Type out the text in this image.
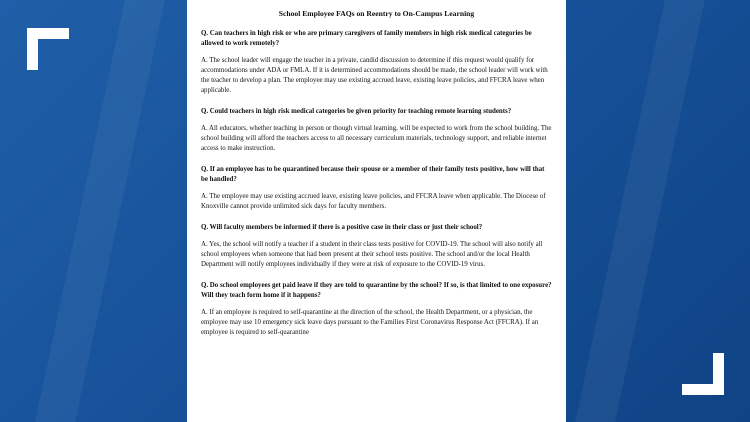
School Employee FAQs on Reentry to On-Campus Learning
Q. Can teachers in high risk or who are primary caregivers of family members in high risk medical categories be allowed to work remotely?
A. The school leader will engage the teacher in a private, candid discussion to determine if this request would qualify for accommodations under ADA or FMLA. If it is determined accommodations should be made, the school leader will work with the teacher to develop a plan. The employee may use existing accrued leave, existing leave policies, and FFCRA leave when applicable.
Q. Could teachers in high risk medical categories be given priority for teaching remote learning students?
A. All educators, whether teaching in person or though virtual learning, will be expected to work from the school building. The school building will afford the teachers access to all necessary curriculum materials, technology support, and reliable internet access to make instruction.
Q. If an employee has to be quarantined because their spouse or a member of their family tests positive, how will that be handled?
A. The employee may use existing accrued leave, existing leave policies, and FFCRA leave when applicable. The Diocese of Knoxville cannot provide unlimited sick days for faculty members.
Q. Will faculty members be informed if there is a positive case in their class or just their school?
A. Yes, the school will notify a teacher if a student in their class tests positive for COVID-19. The school will also notify all school employees when someone that had been present at their school tests positive. The school and/or the local Health Department will notify employees individually if they were at risk of exposure to the COVID-19 virus.
Q. Do school employees get paid leave if they are told to quarantine by the school? If so, is that limited to one exposure? Will they teach form home if it happens?
A. If an employee is required to self-quarantine at the direction of the school, the Health Department, or a physician, the employee may use 10 emergency sick leave days pursuant to the Families First Coronavirus Response Act (FFCRA). If an employee is required to self-quarantine
